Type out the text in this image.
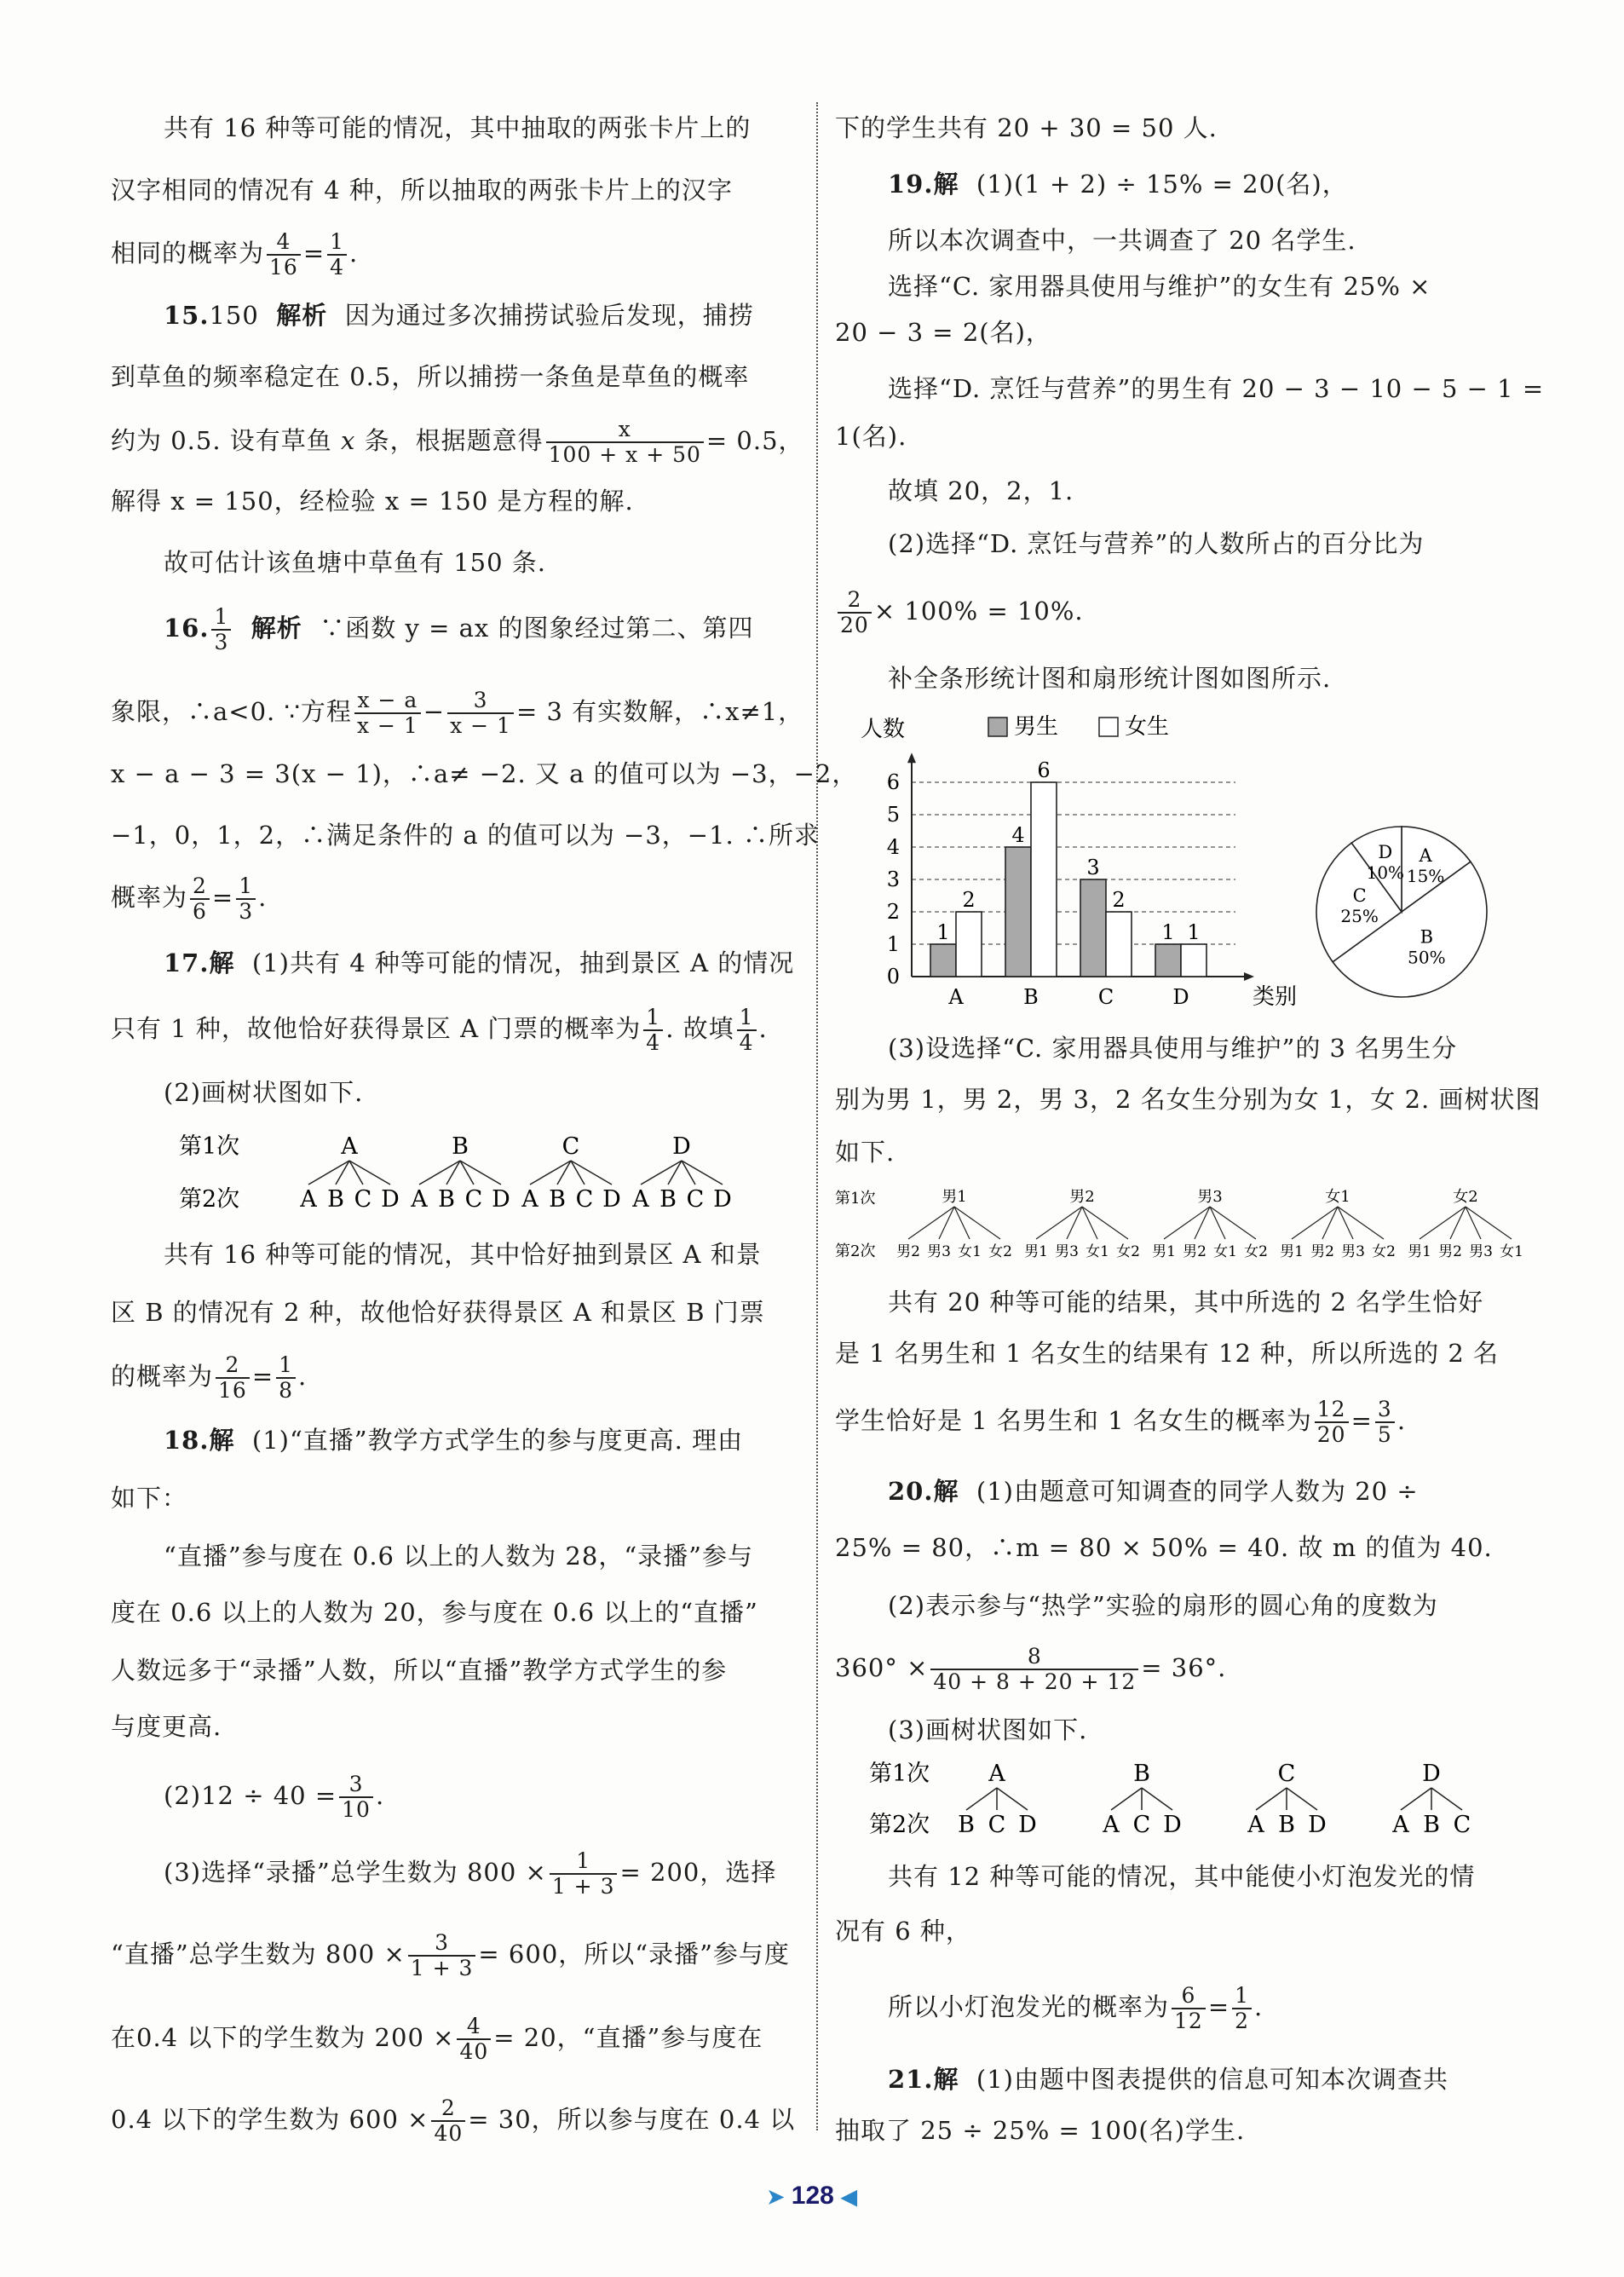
共有 16 种等可能的情况，其中抽取的两张卡片上的
汉字相同的情况有 4 种，所以抽取的两张卡片上的汉字
相同的概率为 $\frac{4}{16} = \frac{1}{4}$ .
15.150 解析 因为通过多次捕捞试验后发现，捕捞
到草鱼的频率稳定在 0.5，所以捕捞一条鱼是草鱼的概率
约为 0.5. 设有草鱼 x 条，根据题意得 $\frac{x}{100 + x + 50} = 0.5$，
解得 x = 150，经检验 x = 150 是方程的解.
故可估计该鱼塘中草鱼有 150 条.
16. $\frac{1}{3}$ 解析 ∵函数 y = ax 的图象经过第二、第四
象限，∴a<0. ∵方程 $\frac{x - a}{x - 1} - \frac{3}{x - 1} = 3$ 有实数解，∴x≠1，
x − a − 3 = 3(x − 1)，∴a≠ −2. 又 a 的值可以为 −3，−2，
−1，0，1，2，∴满足条件的 a 的值可以为 −3，−1. ∴所求
概率为 $\frac{2}{6} = \frac{1}{3}$ .
17.解 (1)共有 4 种等可能的情况，抽到景区 A 的情况
只有 1 种，故他恰好获得景区 A 门票的概率为 $\frac{1}{4}$ . 故填 $\frac{1}{4}$ .
(2)画树状图如下.
第1次
第2次
A
A B C D
B
A B C D
C
A B C D
D
A B C D
共有 16 种等可能的情况，其中恰好抽到景区 A 和景
区 B 的情况有 2 种，故他恰好获得景区 A 和景区 B 门票
的概率为 $\frac{2}{16} = \frac{1}{8}$ .
18.解 (1)“直播”教学方式学生的参与度更高. 理由
如下：
“直播”参与度在 0.6 以上的人数为 28，“录播”参与
度在 0.6 以上的人数为 20，参与度在 0.6 以上的“直播”
人数远多于“录播”人数，所以“直播”教学方式学生的参
与度更高.
$(2)12 \div 40 = \frac{3}{10}$ .
(3)选择“录播”总学生数为 $800 \times \frac{1}{1 + 3} = 200$，选择
“直播”总学生数为 $800 \times \frac{3}{1 + 3} = 600$，所以“录播”参与度
在0.4 以下的学生数为 $200 \times \frac{4}{40} = 20$，“直播”参与度在
0.4 以下的学生数为 $600 \times \frac{2}{40} = 30$，所以参与度在 0.4 以
下的学生共有 20 + 30 = 50 人.
19.解 (1)(1 + 2) ÷ 15% = 20(名)，
所以本次调查中，一共调查了 20 名学生.
选择“C. 家用器具使用与维护”的女生有 25% ×
20 − 3 = 2(名)，
选择“D. 烹饪与营养”的男生有 20 − 3 − 10 − 5 − 1 =
1(名).
故填 20，2，1.
(2)选择“D. 烹饪与营养”的人数所占的百分比为
$\frac{2}{20} \times 100\% = 10\%$.
补全条形统计图和扇形统计图如图所示.
男生	女生
人数
0
1
2
3
4
5
6
类别
1
2
A
4
6
B
3
2
C
1 1
D
A
15%
B
50%
C
25%
D
10%
(3)设选择“C. 家用器具使用与维护”的 3 名男生分
别为男 1，男 2，男 3，2 名女生分别为女 1，女 2. 画树状图
如下.
第1次
第2次
男1
男2 男3 女1 女2
男2
男1 男3 女1 女2
男3
男1 男2 女1 女2
女1
男1 男2 男3 女2
女2
男1 男2 男3 女1
共有 20 种等可能的结果，其中所选的 2 名学生恰好
是 1 名男生和 1 名女生的结果有 12 种，所以所选的 2 名
学生恰好是 1 名男生和 1 名女生的概率为 $\frac{12}{20} = \frac{3}{5}$ .
20.解 (1)由题意可知调查的同学人数为 20 ÷
25% = 80，∴m = 80 × 50% = 40. 故 m 的值为 40.
(2)表示参与“热学”实验的扇形的圆心角的度数为
$360^\circ \times \frac{8}{40 + 8 + 20 + 12} = 36^\circ$.
(3)画树状图如下.
第1次
第2次
A
B C D
B
A C D
C
A B D
D
A B C
共有 12 种等可能的情况，其中能使小灯泡发光的情
况有 6 种，
所以小灯泡发光的概率为 $\frac{6}{12} = \frac{1}{2}$ .
21.解 (1)由题中图表提供的信息可知本次调查共
抽取了 25 ÷ 25% = 100(名)学生.
➤ 128 ◀
